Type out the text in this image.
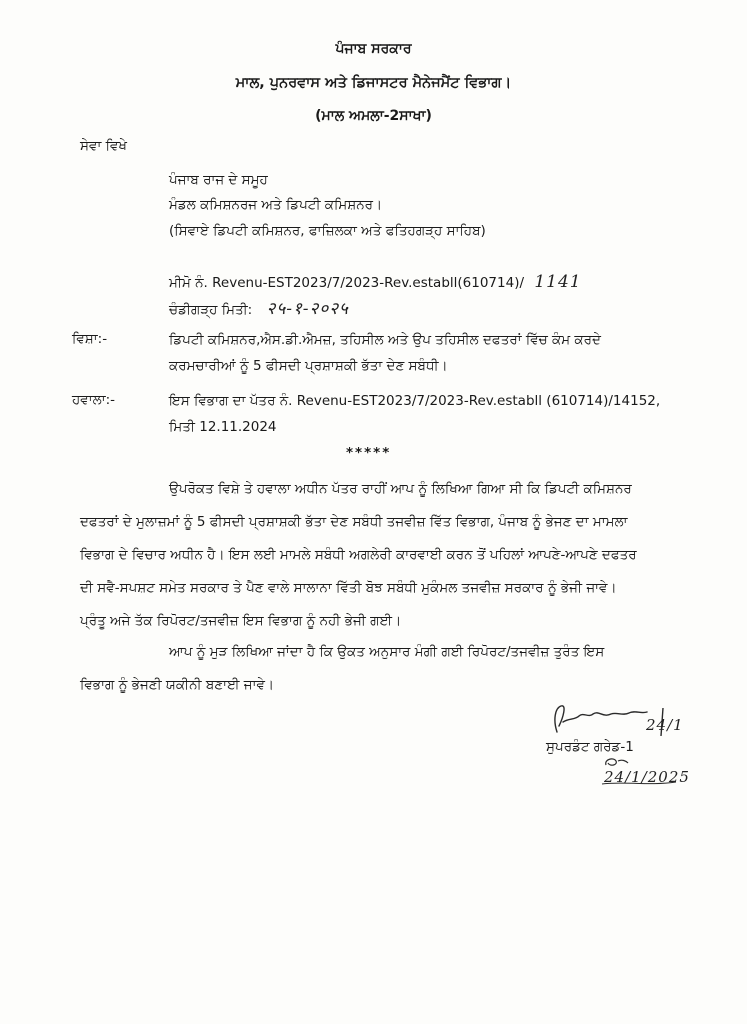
ਪੰਜਾਬ ਸਰਕਾਰ
ਮਾਲ, ਪੁਨਰਵਾਸ ਅਤੇ ਡਿਜਾਸਟਰ ਮੈਨੇਜਮੈਂਟ ਵਿਭਾਗ।
(ਮਾਲ ਅਮਲਾ-2ਸਾਖਾ)
ਸੇਵਾ ਵਿਖੇ
ਪੰਜਾਬ ਰਾਜ ਦੇ ਸਮੂਹ
ਮੰਡਲ ਕਮਿਸ਼ਨਰਜ ਅਤੇ ਡਿਪਟੀ ਕਮਿਸ਼ਨਰ।
(ਸਿਵਾਏ ਡਿਪਟੀ ਕਮਿਸ਼ਨਰ, ਫਾਜ਼ਿਲਕਾ ਅਤੇ ਫਤਿਹਗੜ੍ਹ ਸਾਹਿਬ)
ਮੀਮੋ ਨੰ. Revenu-EST2023/7/2023-Rev.establl(610714)/ 1141
ਚੰਡੀਗੜ੍ਹ ਮਿਤੀ: २५-१-२०२५
ਵਿਸ਼ਾ:-	ਡਿਪਟੀ ਕਮਿਸ਼ਨਰ,ਐਸ.ਡੀ.ਐਮਜ਼, ਤਹਿਸੀਲ ਅਤੇ ਉਪ ਤਹਿਸੀਲ ਦਫਤਰਾਂ ਵਿੱਚ ਕੰਮ ਕਰਦੇ
ਕਰਮਚਾਰੀਆਂ ਨੂੰ 5 ਫੀਸਦੀ ਪ੍ਰਸ਼ਾਸ਼ਕੀ ਭੱਤਾ ਦੇਣ ਸਬੰਧੀ।
ਹਵਾਲਾ:-	ਇਸ ਵਿਭਾਗ ਦਾ ਪੱਤਰ ਨੰ. Revenu-EST2023/7/2023-Rev.establl (610714)/14152,
ਮਿਤੀ 12.11.2024
*****
ਉਪਰੋਕਤ ਵਿਸ਼ੇ ਤੇ ਹਵਾਲਾ ਅਧੀਨ ਪੱਤਰ ਰਾਹੀਂ ਆਪ ਨੂੰ ਲਿਖਿਆ ਗਿਆ ਸੀ ਕਿ ਡਿਪਟੀ ਕਮਿਸ਼ਨਰ
ਦਫਤਰਾਂ ਦੇ ਮੁਲਾਜ਼ਮਾਂ ਨੂੰ 5 ਫੀਸਦੀ ਪ੍ਰਸ਼ਾਸ਼ਕੀ ਭੱਤਾ ਦੇਣ ਸਬੰਧੀ ਤਜਵੀਜ਼ ਵਿੱਤ ਵਿਭਾਗ, ਪੰਜਾਬ ਨੂੰ ਭੇਜਣ ਦਾ ਮਾਮਲਾ
ਵਿਭਾਗ ਦੇ ਵਿਚਾਰ ਅਧੀਨ ਹੈ। ਇਸ ਲਈ ਮਾਮਲੇ ਸਬੰਧੀ ਅਗਲੇਰੀ ਕਾਰਵਾਈ ਕਰਨ ਤੋਂ ਪਹਿਲਾਂ ਆਪਣੇ-ਆਪਣੇ ਦਫਤਰ
ਦੀ ਸਵੈ-ਸਪਸ਼ਟ ਸਮੇਤ ਸਰਕਾਰ ਤੇ ਪੈਣ ਵਾਲੇ ਸਾਲਾਨਾ ਵਿੱਤੀ ਬੋਝ ਸਬੰਧੀ ਮੁਕੰਮਲ ਤਜਵੀਜ਼ ਸਰਕਾਰ ਨੂੰ ਭੇਜੀ ਜਾਵੇ।
ਪ੍ਰੰਤੂ ਅਜੇ ਤੱਕ ਰਿਪੋਰਟ/ਤਜਵੀਜ਼ ਇਸ ਵਿਭਾਗ ਨੂੰ ਨਹੀ ਭੇਜੀ ਗਈ।
ਆਪ ਨੂੰ ਮੁੜ ਲਿਖਿਆ ਜਾਂਦਾ ਹੈ ਕਿ ਉਕਤ ਅਨੁਸਾਰ ਮੰਗੀ ਗਈ ਰਿਪੋਰਟ/ਤਜਵੀਜ਼ ਤੁਰੰਤ ਇਸ
ਵਿਭਾਗ ਨੂੰ ਭੇਜਣੀ ਯਕੀਨੀ ਬਣਾਈ ਜਾਵੇ।
24/1
ਸੁਪਰਡੰਟ ਗਰੇਡ-1
24/1/2025
